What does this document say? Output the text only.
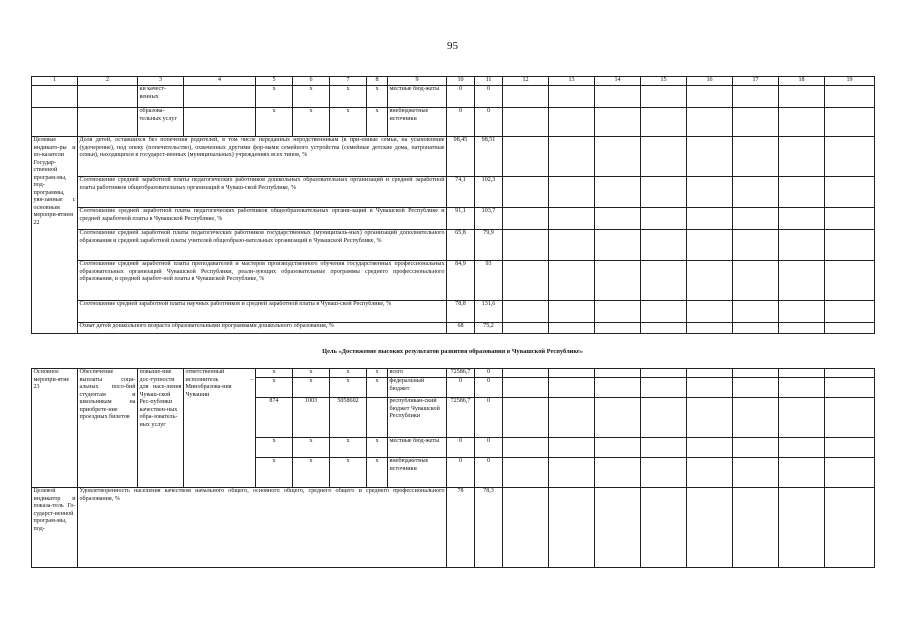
95
1	2	3	4	5	6	7	8	9	10	11	12	13	14	15	16	17	18	19
		ки качест-венных		х	х	х	х	местные бюд-жеты	0	0								
		образова-тельных услуг		х	х	х	х	внебюджетные источники	0	0								
Целевые индикато-ры и по-казатели Государ-ственной програм-мы, под-программы, увя-занные с основным меропри-ятием 22	Доля детей, оставшихся без попечения родителей, в том числе переданных неродственникам (в при-емные семьи, на усыновление (удочерение), под опеку (попечительство), охваченных другими фор-мами семейного устройства (семейные детские дома, патронатные семьи), находящихся в государст-венных (муниципальных) учреждениях всех типов, %								98,45	98,51								
	Соотношение средней заработной платы педагогических работников дошкольных образовательных организаций и средней заработной платы работников общеобразовательных организаций в Чуваш-ской Республике, %								74,1	102,3								
	Соотношение средней заработной платы педагогических работников общеобразовательных органи-заций в Чувашской Республике и средней заработной платы в Чувашской Республике, %								91,1	103,7								
	Соотношение средней заработной платы педагогических работников государственных (муниципаль-ных) организаций дополнительного образования и средней заработной платы учителей общеобразо-вательных организаций в Чувашской Республике, %								65,8	79,9								
	Соотношение средней заработной платы преподавателей и мастеров производственного обучения государственных профессиональных образовательных организаций Чувашской Республики, реали-зующих образовательные программы среднего профессионального образования, и средней заработ-ной платы в Чувашской Республике, %								84,9	93								
	Соотношение средней заработной платы научных работников и средней заработной платы в Чуваш-ской Республике, %								78,8	131,6								
	Охват детей дошкольного возраста образовательными программами дошкольного образования, %								68	75,2								
Цель «Достижение высоких результатов развития образования в Чувашской Республике»
Основное меропри-ятие 23	Обеспечение выплаты соци-альных посо-бий студентам и школьникам на приобрете-ние проездных билетов	повыше-ние дос-тупности для насе-ления Чуваш-ской Рес-публики качествен-ных обра-зователь-ных услуг	ответственный исполнитель – Минобразова-ния Чувашии	х	х	х	х	всего	72586,7	0								
				х	х	х	х	федеральный бюджет	0	0								
				874	1003	5058602		республикан-ский бюджет Чувашской Республики	72586,7	0								
				х	х	х	х	местные бюд-жеты	0	0								
				х	х	х	х	внебюджетные источники	0	0								
Целевой индикатор и показа-тель Го-сударст-венной програм-мы, под-	Удовлетворенность населения качеством начального общего, основного общего, среднего общего и среднего профессионального образования, %								78	78,3								
